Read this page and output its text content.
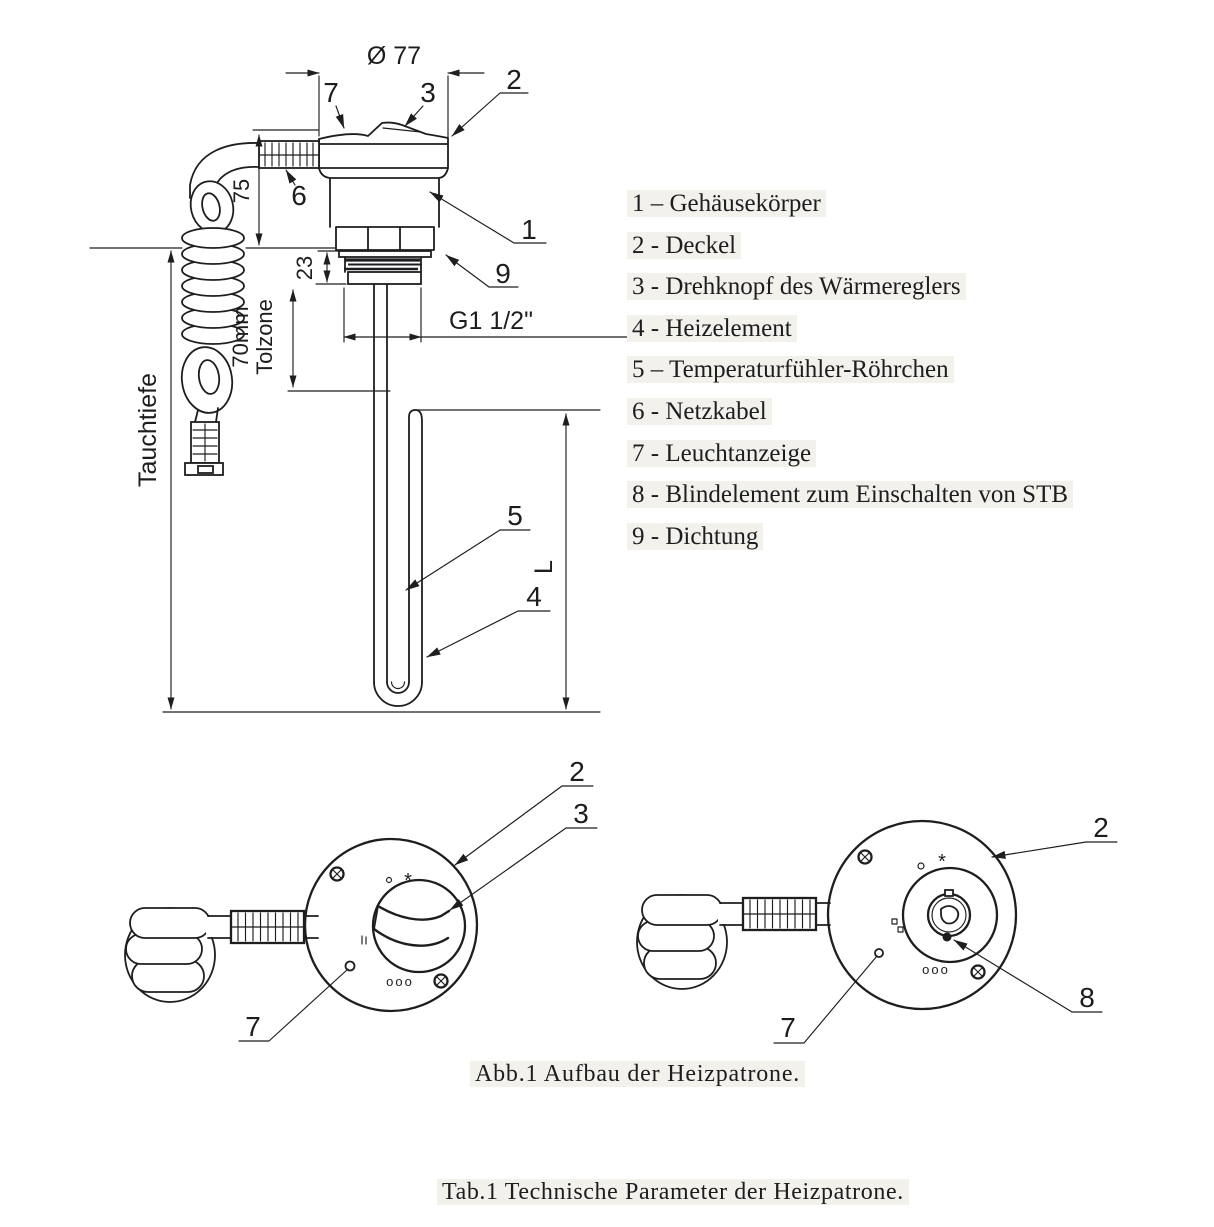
Ø 77
7	3	2
6
1
9
5
4
75
23
G1 1/2"
70mm Tolzone
Tauchtiefe
L
*
ooo
2
3
7
*
ooo
2
7
8
1 – Gehäusekörper
2 - Deckel
3 - Drehknopf des Wärmereglers
4 - Heizelement
5 – Temperaturfühler-Röhrchen
6 - Netzkabel
7 - Leuchtanzeige
8 - Blindelement zum Einschalten von STB
9 - Dichtung
Abb.1 Aufbau der Heizpatrone.
Tab.1 Technische Parameter der Heizpatrone.
